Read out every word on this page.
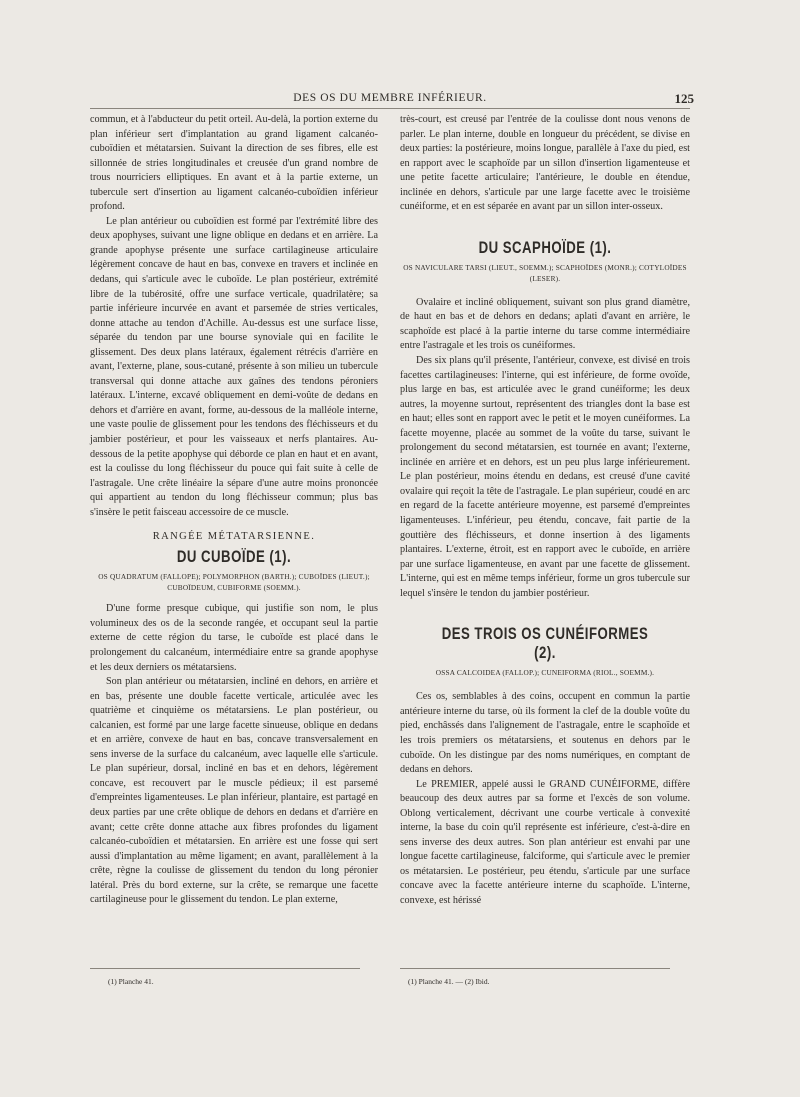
DES OS DU MEMBRE INFÉRIEUR.	125

commun, et à l'abducteur du petit orteil. Au-delà, la portion externe du plan inférieur sert d'implantation au grand ligament calcanéo-cuboïdien et métatarsien. Suivant la direction de ses fibres, elle est sillonnée de stries longitudinales et creusée d'un grand nombre de trous nourriciers elliptiques. En avant et à la partie externe, un tubercule sert d'insertion au ligament calcanéo-cuboïdien inférieur profond.

Le plan antérieur ou cuboïdien est formé par l'extrémité libre des deux apophyses, suivant une ligne oblique en dedans et en arrière. La grande apophyse présente une surface cartilagineuse articulaire légèrement concave de haut en bas, convexe en travers et inclinée en dedans, qui s'articule avec le cuboïde. Le plan postérieur, extrémité libre de la tubérosité, offre une surface verticale, quadrilatère; sa partie inférieure incurvée en avant et parsemée de stries verticales, donne attache au tendon d'Achille. Au-dessus est une surface lisse, séparée du tendon par une bourse synoviale qui en facilite le glissement. Des deux plans latéraux, également rétrécis d'arrière en avant, l'externe, plane, sous-cutané, présente à son milieu un tubercule transversal qui donne attache aux gaînes des tendons péroniers latéraux. L'interne, excavé obliquement en demi-voûte de dedans en dehors et d'arrière en avant, forme, au-dessous de la malléole interne, une vaste poulie de glissement pour les tendons des fléchisseurs et du jambier postérieur, et pour les vaisseaux et nerfs plantaires. Au-dessous de la petite apophyse qui déborde ce plan en haut et en avant, est la coulisse du long fléchisseur du pouce qui fait suite à celle de l'astragale. Une crête linéaire la sépare d'une autre moins prononcée qui appartient au tendon du long fléchisseur commun; plus bas s'insère le petit faisceau accessoire de ce muscle.

RANGÉE MÉTATARSIENNE.

DU CUBOÏDE (1).

OS QUADRATUM (FALLOPE); POLYMORPHON (BARTH.); CUBOÏDES (LIEUT.); CUBOÏDEUM, CUBIFORME (SOEMM.).

D'une forme presque cubique, qui justifie son nom, le plus volumineux des os de la seconde rangée, et occupant seul la partie externe de cette région du tarse, le cuboïde est placé dans le prolongement du calcanéum, intermédiaire entre sa grande apophyse et les deux derniers os métatarsiens.

Son plan antérieur ou métatarsien, incliné en dehors, en arrière et en bas, présente une double facette verticale, articulée avec les quatrième et cinquième os métatarsiens. Le plan postérieur, ou calcanien, est formé par une large facette sinueuse, oblique en dedans et en arrière, convexe de haut en bas, concave transversalement en sens inverse de la surface du calcanéum, avec laquelle elle s'articule. Le plan supérieur, dorsal, incliné en bas et en dehors, légèrement concave, est recouvert par le muscle pédieux; il est parsemé d'empreintes ligamenteuses. Le plan inférieur, plantaire, est partagé en deux parties par une crête oblique de dehors en dedans et d'arrière en avant; cette crête donne attache aux fibres profondes du ligament calcanéo-cuboïdien et métatarsien. En arrière est une fosse qui sert aussi d'implantation au même ligament; en avant, parallèlement à la crête, règne la coulisse de glissement du tendon du long péronier latéral. Près du bord externe, sur la crête, se remarque une facette cartilagineuse pour le glissement du tendon. Le plan externe,

très-court, est creusé par l'entrée de la coulisse dont nous venons de parler. Le plan interne, double en longueur du précédent, se divise en deux parties: la postérieure, moins longue, parallèle à l'axe du pied, est en rapport avec le scaphoïde par un sillon d'insertion ligamenteuse et une petite facette articulaire; l'antérieure, le double en étendue, inclinée en dehors, s'articule par une large facette avec le troisième cunéiforme, et en est séparée en avant par un sillon inter-osseux.

DU SCAPHOÏDE (1).

OS NAVICULARE TARSI (LIEUT., SOEMM.); SCAPHOÏDES (MONR.); COTYLOÏDES (LESER).

Ovalaire et incliné obliquement, suivant son plus grand diamètre, de haut en bas et de dehors en dedans; aplati d'avant en arrière, le scaphoïde est placé à la partie interne du tarse comme intermédiaire entre l'astragale et les trois os cunéiformes.

Des six plans qu'il présente, l'antérieur, convexe, est divisé en trois facettes cartilagineuses: l'interne, qui est inférieure, de forme ovoïde, plus large en bas, est articulée avec le grand cunéiforme; les deux autres, la moyenne surtout, représentent des triangles dont la base est en haut; elles sont en rapport avec le petit et le moyen cunéiformes. La facette moyenne, placée au sommet de la voûte du tarse, suivant le prolongement du second métatarsien, est tournée en avant; l'externe, inclinée en arrière et en dehors, est un peu plus large inférieurement. Le plan postérieur, moins étendu en dedans, est creusé d'une cavité ovalaire qui reçoit la tête de l'astragale. Le plan supérieur, coudé en arc en regard de la facette antérieure moyenne, est parsemé d'empreintes ligamenteuses. L'inférieur, peu étendu, concave, fait partie de la gouttière des fléchisseurs, et donne insertion à des ligaments plantaires. L'externe, étroit, est en rapport avec le cuboïde, en arrière par une surface ligamenteuse, en avant par une facette de glissement. L'interne, qui est en même temps inférieur, forme un gros tubercule sur lequel s'insère le tendon du jambier postérieur.

DES TROIS OS CUNÉIFORMES (2).

OSSA CALCOIDEA (FALLOP.); CUNEIFORMA (RIOL., SOEMM.).

Ces os, semblables à des coins, occupent en commun la partie antérieure interne du tarse, où ils forment la clef de la double voûte du pied, enchâssés dans l'alignement de l'astragale, entre le scaphoïde et les trois premiers os métatarsiens, et soutenus en dehors par le cuboïde. On les distingue par des noms numériques, en comptant de dedans en dehors.

Le PREMIER, appelé aussi le GRAND CUNÉIFORME, diffère beaucoup des deux autres par sa forme et l'excès de son volume. Oblong verticalement, décrivant une courbe verticale à convexité interne, la base du coin qu'il représente est inférieure, c'est-à-dire en sens inverse des deux autres. Son plan antérieur est envahi par une longue facette cartilagineuse, falciforme, qui s'articule avec le premier os métatarsien. Le postérieur, peu étendu, s'articule par une surface concave avec la facette antérieure interne du scaphoïde. L'interne, convexe, est hérissé

(1) Planche 41.	(1) Planche 41. — (2) Ibid.
